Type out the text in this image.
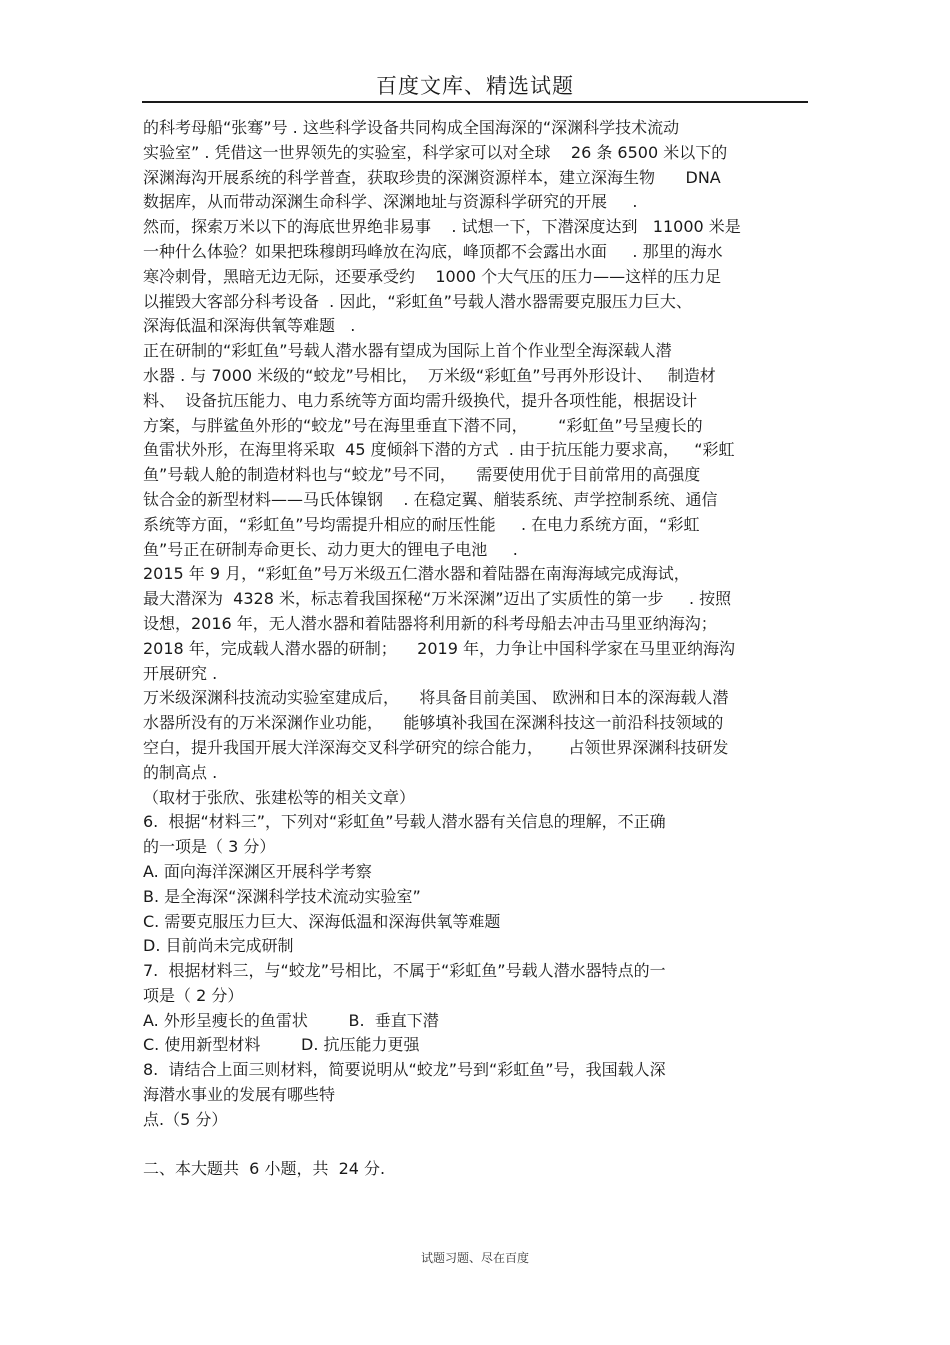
百度文库、精选试题
的科考母船“张骞”号 . 这些科学设备共同构成全国海深的“深渊科学技术流动
实验室” . 凭借这一世界领先的实验室，科学家可以对全球    26 条 6500 米以下的
深渊海沟开展系统的科学普查，获取珍贵的深渊资源样本，建立深海生物      DNA
数据库，从而带动深渊生命科学、深渊地址与资源科学研究的开展     .
然而，探索万米以下的海底世界绝非易事    . 试想一下，下潜深度达到   11000 米是
一种什么体验？如果把珠穆朗玛峰放在沟底，峰顶都不会露出水面     . 那里的海水
寒冷刺骨，黑暗无边无际，还要承受约    1000 个大气压的压力——这样的压力足
以摧毁大客部分科考设备  . 因此，“彩虹鱼”号载人潜水器需要克服压力巨大、
深海低温和深海供氧等难题   .
正在研制的“彩虹鱼”号载人潜水器有望成为国际上首个作业型全海深载人潜
水器 . 与 7000 米级的“蛟龙”号相比，  万米级“彩虹鱼”号再外形设计、   制造材
料、  设备抗压能力、电力系统等方面均需升级换代，提升各项性能，根据设计
方案，与胖鲨鱼外形的“蛟龙”号在海里垂直下潜不同，      “彩虹鱼”号呈瘦长的
鱼雷状外形，在海里将采取  45 度倾斜下潜的方式  . 由于抗压能力要求高，   “彩虹
鱼”号载人舱的制造材料也与“蛟龙”号不同，    需要使用优于目前常用的高强度
钛合金的新型材料——马氏体镍钢    . 在稳定翼、艏装系统、声学控制系统、通信
系统等方面，“彩虹鱼”号均需提升相应的耐压性能     . 在电力系统方面，“彩虹
鱼”号正在研制寿命更长、动力更大的锂电子电池     .
2015 年 9 月，“彩虹鱼”号万米级五仁潜水器和着陆器在南海海域完成海试，
最大潜深为  4328 米，标志着我国探秘“万米深渊”迈出了实质性的第一步     . 按照
设想，2016 年，无人潜水器和着陆器将利用新的科考母船去冲击马里亚纳海沟；
2018 年，完成载人潜水器的研制；    2019 年，力争让中国科学家在马里亚纳海沟
开展研究 .
万米级深渊科技流动实验室建成后，    将具备目前美国、 欧洲和日本的深海载人潜
水器所没有的万米深渊作业功能，    能够填补我国在深渊科技这一前沿科技领域的
空白，提升我国开展大洋深海交叉科学研究的综合能力，     占领世界深渊科技研发
的制高点 .
（取材于张欣、张建松等的相关文章）
6.  根据“材料三”，下列对“彩虹鱼”号载人潜水器有关信息的理解，不正确
的一项是（ 3 分）
A. 面向海洋深渊区开展科学考察
B. 是全海深“深渊科学技术流动实验室”
C. 需要克服压力巨大、深海低温和深海供氧等难题
D. 目前尚未完成研制
7.  根据材料三，与“蛟龙”号相比，不属于“彩虹鱼”号载人潜水器特点的一
项是（ 2 分）
A. 外形呈瘦长的鱼雷状        B.  垂直下潜
C. 使用新型材料        D. 抗压能力更强
8.  请结合上面三则材料，简要说明从“蛟龙”号到“彩虹鱼”号，我国载人深
海潜水事业的发展有哪些特
点.（5 分）
二、本大题共  6 小题，共  24 分.
试题习题、尽在百度
